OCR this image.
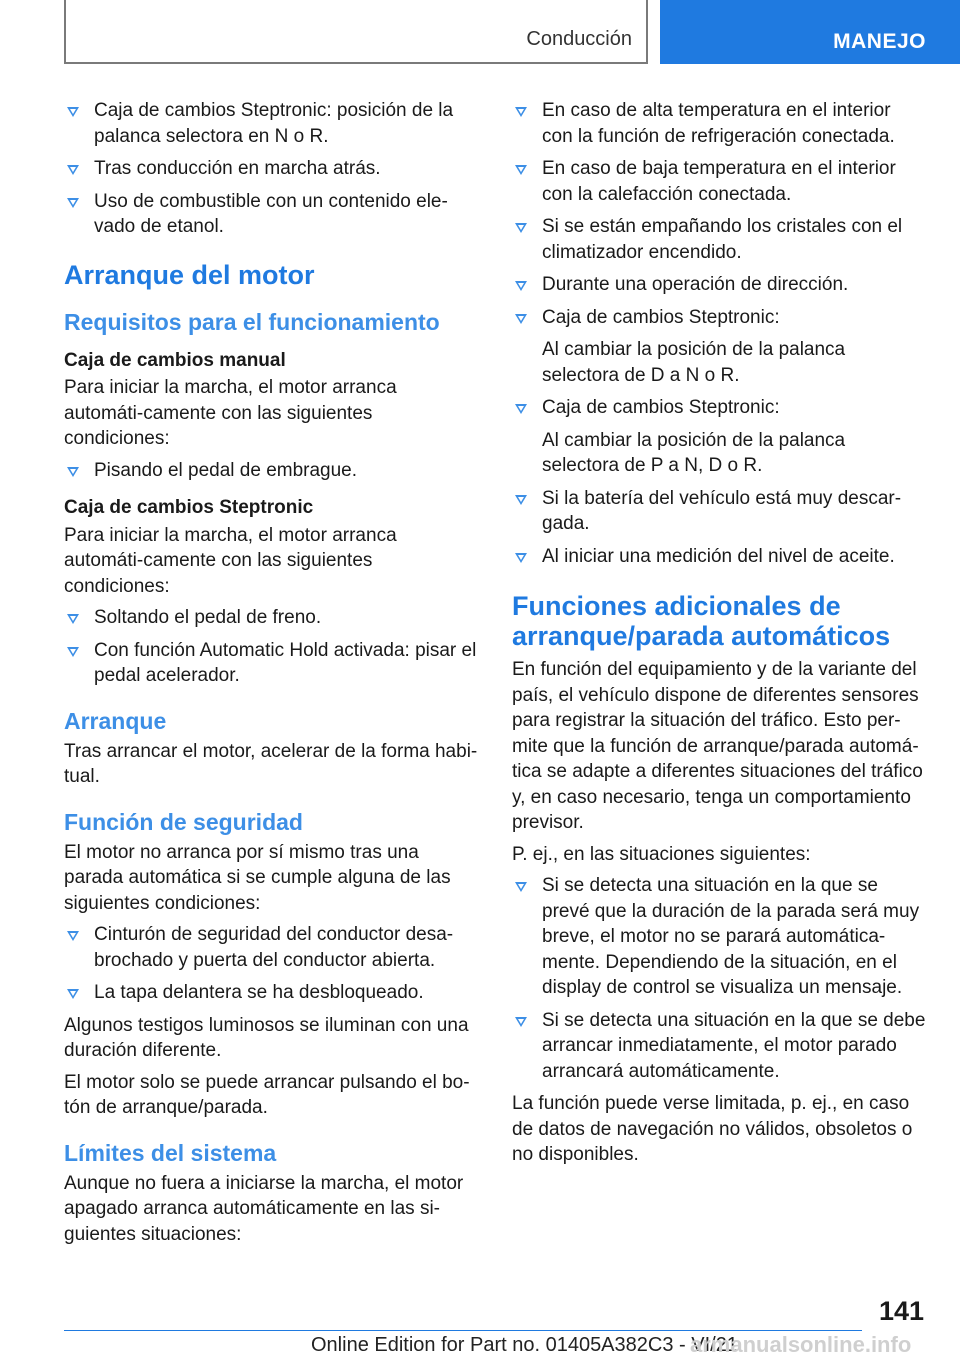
Conducción	MANEJO
Caja de cambios Steptronic: posición de la palanca selectora en N o R.
Tras conducción en marcha atrás.
Uso de combustible con un contenido ele‐vado de etanol.
Arranque del motor
Requisitos para el funcionamiento
Caja de cambios manual

Para iniciar la marcha, el motor arranca automáti‐camente con las siguientes condiciones:

Pisando el pedal de embrague.
Caja de cambios Steptronic

Para iniciar la marcha, el motor arranca automáti‐camente con las siguientes condiciones:

Soltando el pedal de freno.
Con función Automatic Hold activada: pisar el pedal acelerador.
Arranque

Tras arrancar el motor, acelerar de la forma habi‐tual.

Función de seguridad

El motor no arranca por sí mismo tras una parada automática si se cumple alguna de las siguientes condiciones:

Cinturón de seguridad del conductor desa‐brochado y puerta del conductor abierta.
La tapa delantera se ha desbloqueado.

Algunos testigos luminosos se iluminan con una duración diferente.

El motor solo se puede arrancar pulsando el bo‐tón de arranque/parada.

Límites del sistema

Aunque no fuera a iniciarse la marcha, el motor apagado arranca automáticamente en las si‐guientes situaciones:

En caso de alta temperatura en el interior con la función de refrigeración conectada.
En caso de baja temperatura en el interior con la calefacción conectada.
Si se están empañando los cristales con el climatizador encendido.
Durante una operación de dirección.
Caja de cambios Steptronic:
Al cambiar la posición de la palanca selectora de D a N o R.
Caja de cambios Steptronic:
Al cambiar la posición de la palanca selectora de P a N, D o R.
Si la batería del vehículo está muy descar‐gada.
Al iniciar una medición del nivel de aceite.
Funciones adicionales de arranque/parada automáticos

En función del equipamiento y de la variante del país, el vehículo dispone de diferentes sensores para registrar la situación del tráfico. Esto per‐mite que la función de arranque/parada automá‐tica se adapte a diferentes situaciones del tráfico y, en caso necesario, tenga un comportamiento previsor.

P. ej., en las situaciones siguientes:

Si se detecta una situación en la que se prevé que la duración de la parada será muy breve, el motor no se parará automática‐mente. Dependiendo de la situación, en el display de control se visualiza un mensaje.
Si se detecta una situación en la que se debe arrancar inmediatamente, el motor parado arrancará automáticamente.

La función puede verse limitada, p. ej., en caso de datos de navegación no válidos, obsoletos o no disponibles.

141
Online Edition for Part no. 01405A382C3 - VI/21
armanualsonline.info
